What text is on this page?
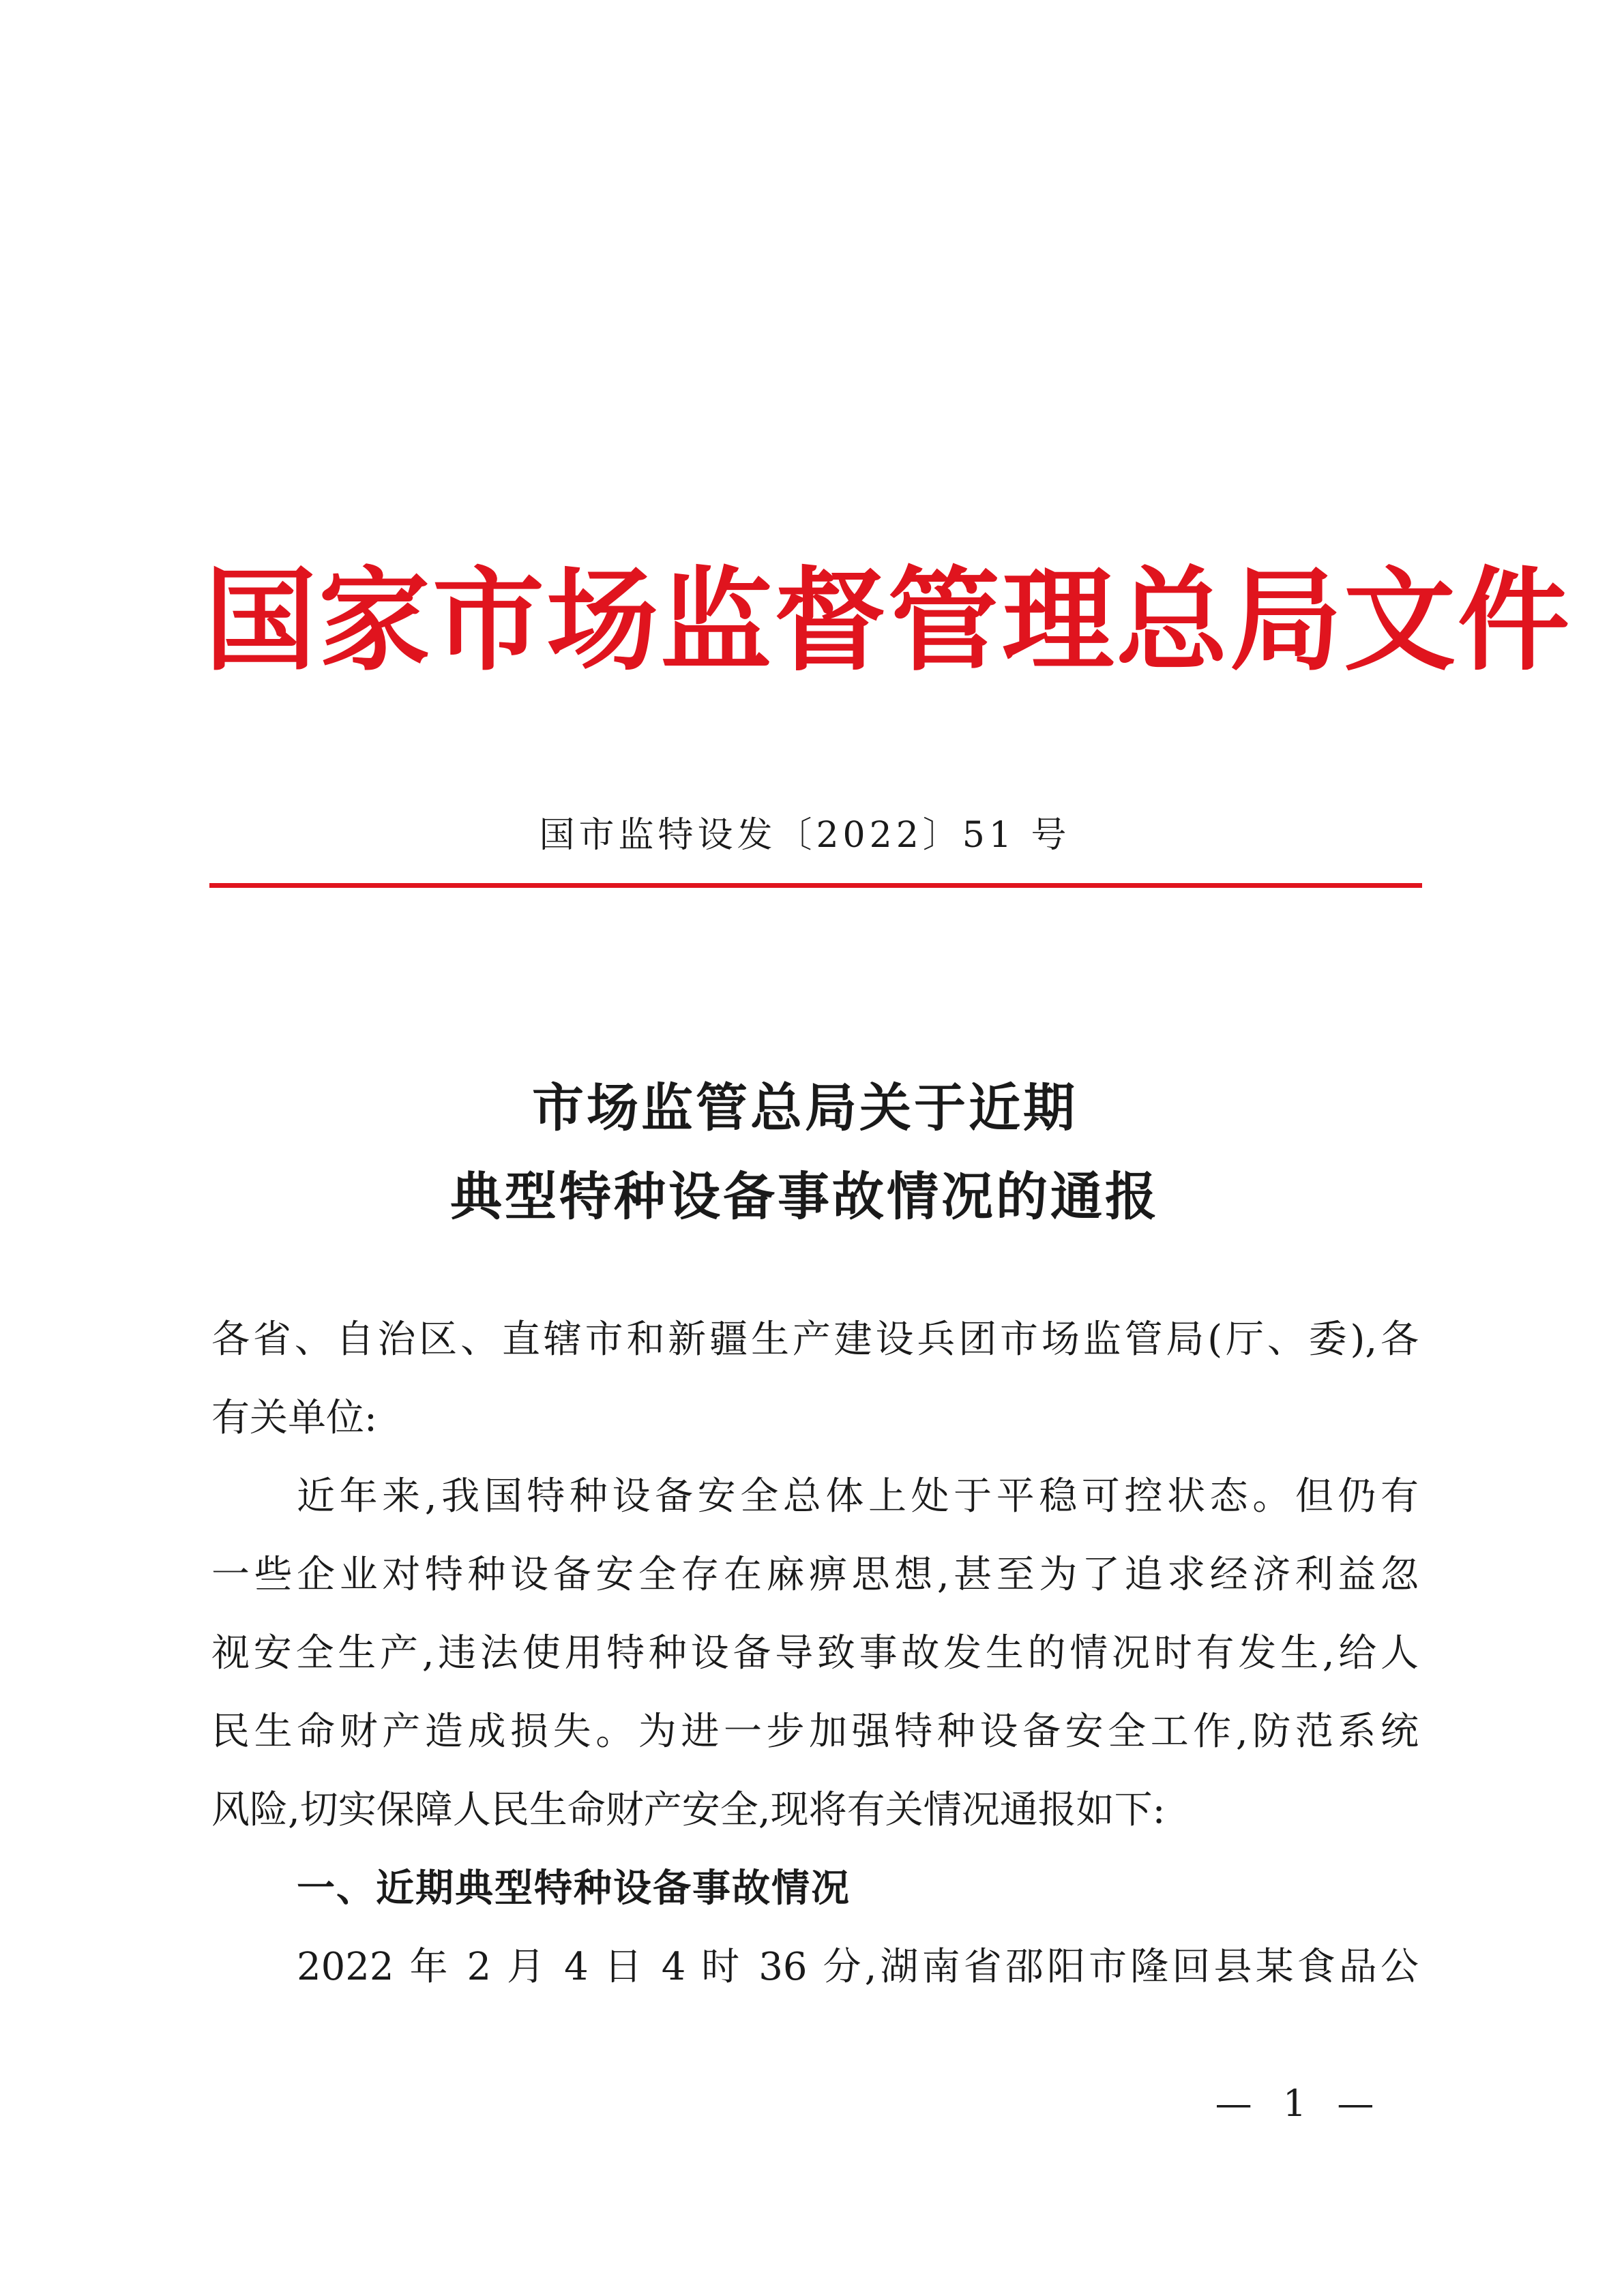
国家市场监督管理总局文件
国市监特设发〔2022〕51 号
市场监管总局关于近期
典型特种设备事故情况的通报
各省、自治区、直辖市和新疆生产建设兵团市场监管局(厅、委),各
有关单位:
近年来,我国特种设备安全总体上处于平稳可控状态。但仍有
一些企业对特种设备安全存在麻痹思想,甚至为了追求经济利益忽
视安全生产,违法使用特种设备导致事故发生的情况时有发生,给人
民生命财产造成损失。为进一步加强特种设备安全工作,防范系统
风险,切实保障人民生命财产安全,现将有关情况通报如下:
一、近期典型特种设备事故情况
2022 年 2 月 4 日 4 时 36 分,湖南省邵阳市隆回县某食品公
— 1 —
